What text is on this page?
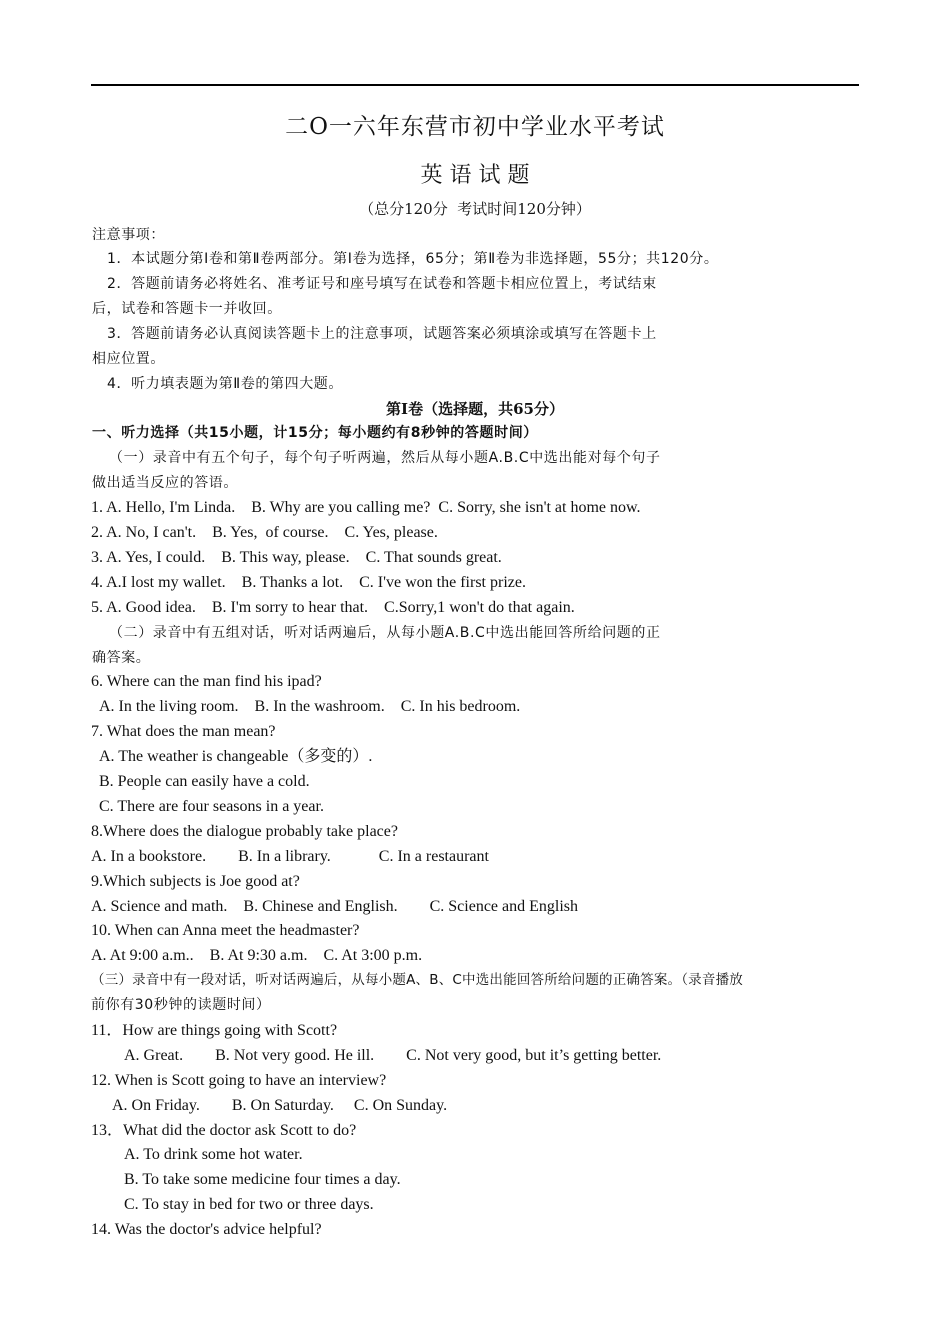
二O一六年东营市初中学业水平考试
英 语 试 题
（总分120分  考试时间120分钟）
注意事项：
1．本试题分第I卷和第Ⅱ卷两部分。第I卷为选择，65分；第Ⅱ卷为非选择题，55分；共120分。
2．答题前请务必将姓名、准考证号和座号填写在试卷和答题卡相应位置上，考试结束
后，试卷和答题卡一并收回。
3．答题前请务必认真阅读答题卡上的注意事项，试题答案必须填涂或填写在答题卡上
相应位置。
4．听力填表题为第Ⅱ卷的第四大题。
第I卷（选择题，共65分）
一、听力选择（共15小题，计15分；每小题约有8秒钟的答题时间）
（一）录音中有五个句子，每个句子听两遍，然后从每小题A.B.C中选出能对每个句子
做出适当反应的答语。
1. A. Hello, I'm Linda.    B. Why are you calling me?  C. Sorry, she isn't at home now.
2. A. No, I can't.    B. Yes,  of course.    C. Yes, please.
3. A. Yes, I could.    B. This way, please.    C. That sounds great.
4. A.I lost my wallet.    B. Thanks a lot.    C. I've won the first prize.
5. A. Good idea.    B. I'm sorry to hear that.    C.Sorry,1 won't do that again.
（二）录音中有五组对话，听对话两遍后，从每小题A.B.C中选出能回答所给问题的正
确答案。
6. Where can the man find his ipad?
A. In the living room.    B. In the washroom.    C. In his bedroom.
7. What does the man mean?
A. The weather is changeable（多变的）.
B. People can easily have a cold.
C. There are four seasons in a year.
8.Where does the dialogue probably take place?
A. In a bookstore.        B. In a library.            C. In a restaurant
9.Which subjects is Joe good at?
A. Science and math.    B. Chinese and English.        C. Science and English
10. When can Anna meet the headmaster?
A. At 9:00 a.m..    B. At 9:30 a.m.    C. At 3:00 p.m.
（三）录音中有一段对话，听对话两遍后，从每小题A、B、C中选出能回答所给问题的正确答案。（录音播放
前你有30秒钟的读题时间）
11．How are things going with Scott?
A. Great.        B. Not very good. He ill.        C. Not very good, but it’s getting better.
12. When is Scott going to have an interview?
A. On Friday.        B. On Saturday.     C. On Sunday.
13．What did the doctor ask Scott to do?
A. To drink some hot water.
B. To take some medicine four times a day.
C. To stay in bed for two or three days.
14. Was the doctor's advice helpful?
